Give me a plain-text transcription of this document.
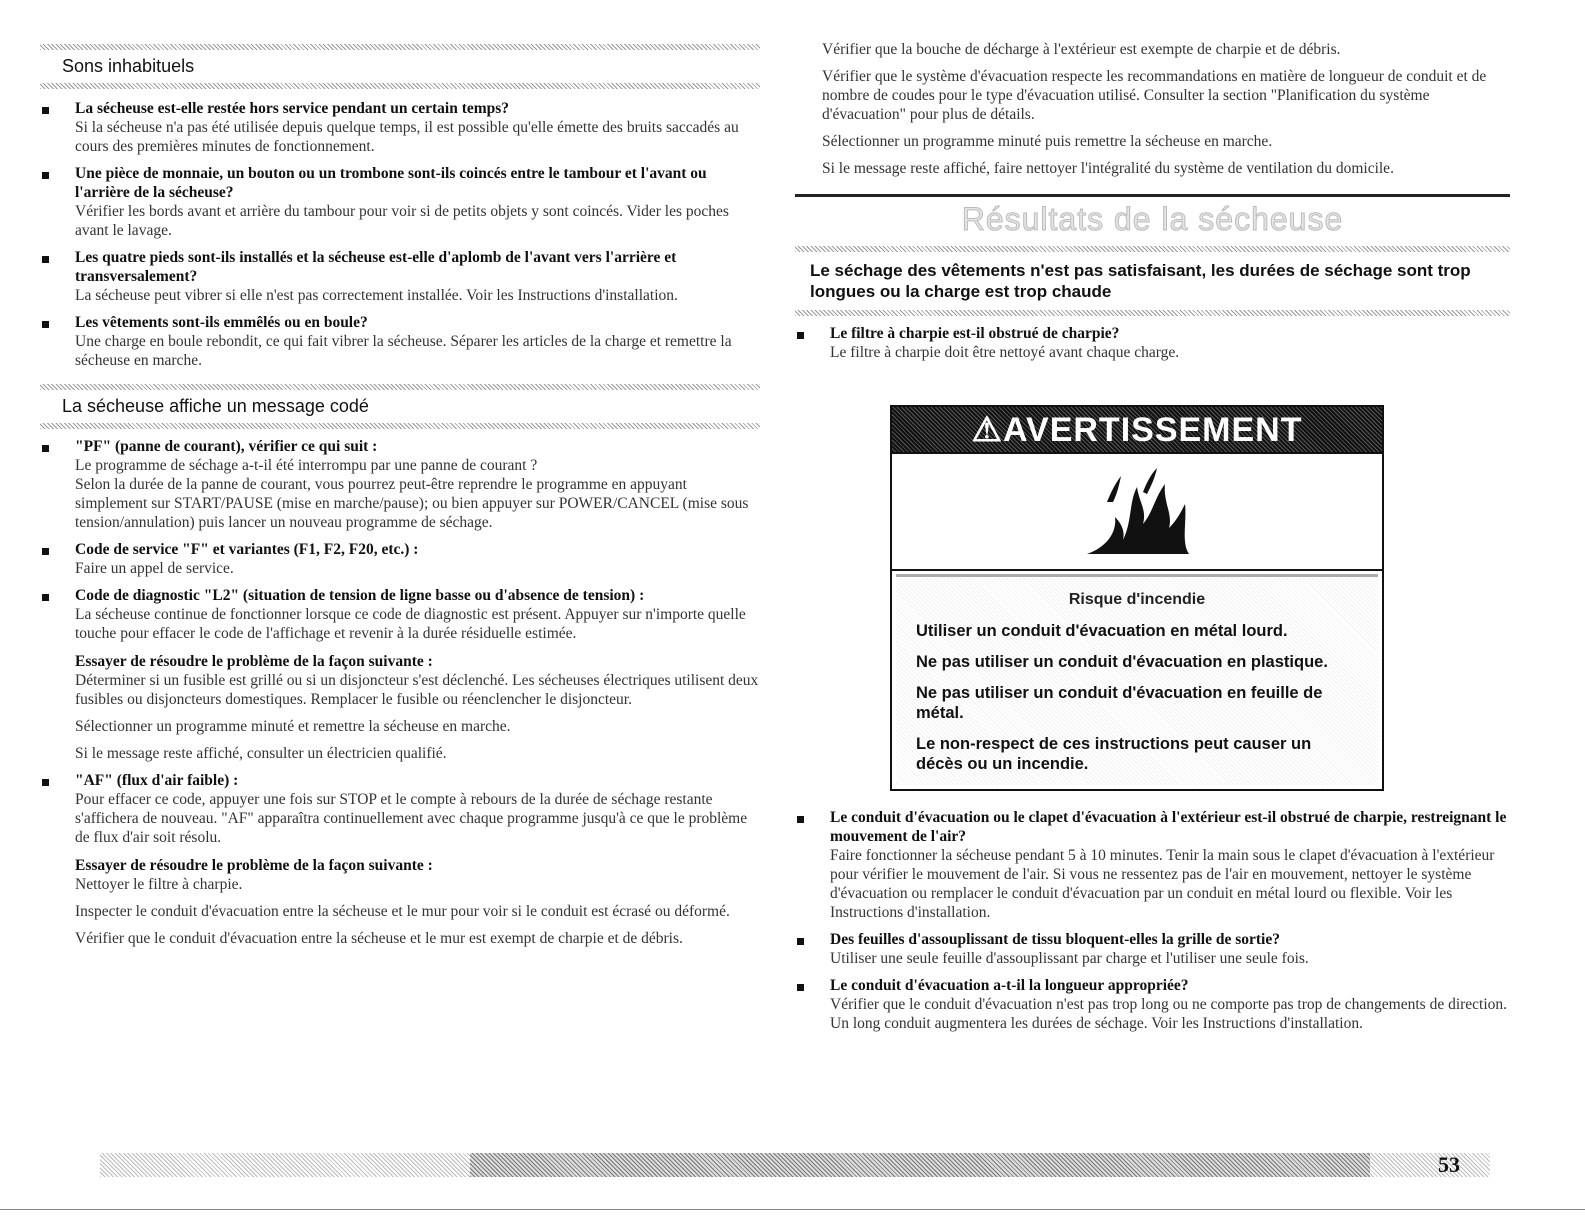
Sons inhabituels
La sécheuse est-elle restée hors service pendant un certain temps?
Si la sécheuse n'a pas été utilisée depuis quelque temps, il est possible qu'elle émette des bruits saccadés au cours des premières minutes de fonctionnement.
Une pièce de monnaie, un bouton ou un trombone sont-ils coincés entre le tambour et l'avant ou l'arrière de la sécheuse?
Vérifier les bords avant et arrière du tambour pour voir si de petits objets y sont coincés. Vider les poches avant le lavage.
Les quatre pieds sont-ils installés et la sécheuse est-elle d'aplomb de l'avant vers l'arrière et transversalement?
La sécheuse peut vibrer si elle n'est pas correctement installée. Voir les Instructions d'installation.
Les vêtements sont-ils emmêlés ou en boule?
Une charge en boule rebondit, ce qui fait vibrer la sécheuse. Séparer les articles de la charge et remettre la sécheuse en marche.
La sécheuse affiche un message codé
"PF" (panne de courant), vérifier ce qui suit :
Le programme de séchage a-t-il été interrompu par une panne de courant ?
Selon la durée de la panne de courant, vous pourrez peut-être reprendre le programme en appuyant simplement sur START/PAUSE (mise en marche/pause); ou bien appuyer sur POWER/CANCEL (mise sous tension/annulation) puis lancer un nouveau programme de séchage.
Code de service "F" et variantes (F1, F2, F20, etc.) :
Faire un appel de service.
Code de diagnostic "L2" (situation de tension de ligne basse ou d'absence de tension) :
La sécheuse continue de fonctionner lorsque ce code de diagnostic est présent. Appuyer sur n'importe quelle touche pour effacer le code de l'affichage et revenir à la durée résiduelle estimée.
Essayer de résoudre le problème de la façon suivante :
Déterminer si un fusible est grillé ou si un disjoncteur s'est déclenché. Les sécheuses électriques utilisent deux fusibles ou disjoncteurs domestiques. Remplacer le fusible ou réenclencher le disjoncteur.
Sélectionner un programme minuté et remettre la sécheuse en marche.
Si le message reste affiché, consulter un électricien qualifié.
"AF" (flux d'air faible) :
Pour effacer ce code, appuyer une fois sur STOP et le compte à rebours de la durée de séchage restante s'affichera de nouveau. "AF" apparaîtra continuellement avec chaque programme jusqu'à ce que le problème de flux d'air soit résolu.
Essayer de résoudre le problème de la façon suivante :
Nettoyer le filtre à charpie.
Inspecter le conduit d'évacuation entre la sécheuse et le mur pour voir si le conduit est écrasé ou déformé.
Vérifier que le conduit d'évacuation entre la sécheuse et le mur est exempt de charpie et de débris.
Vérifier que la bouche de décharge à l'extérieur est exempte de charpie et de débris.
Vérifier que le système d'évacuation respecte les recommandations en matière de longueur de conduit et de nombre de coudes pour le type d'évacuation utilisé. Consulter la section "Planification du système d'évacuation" pour plus de détails.
Sélectionner un programme minuté puis remettre la sécheuse en marche.
Si le message reste affiché, faire nettoyer l'intégralité du système de ventilation du domicile.
Résultats de la sécheuse
Le séchage des vêtements n'est pas satisfaisant, les durées de séchage sont trop longues ou la charge est trop chaude
Le filtre à charpie est-il obstrué de charpie?
Le filtre à charpie doit être nettoyé avant chaque charge.
⚠AVERTISSEMENT
Risque d'incendie
Utiliser un conduit d'évacuation en métal lourd.
Ne pas utiliser un conduit d'évacuation en plastique.
Ne pas utiliser un conduit d'évacuation en feuille de métal.
Le non-respect de ces instructions peut causer un décès ou un incendie.
Le conduit d'évacuation ou le clapet d'évacuation à l'extérieur est-il obstrué de charpie, restreignant le mouvement de l'air?
Faire fonctionner la sécheuse pendant 5 à 10 minutes. Tenir la main sous le clapet d'évacuation à l'extérieur pour vérifier le mouvement de l'air. Si vous ne ressentez pas de l'air en mouvement, nettoyer le système d'évacuation ou remplacer le conduit d'évacuation par un conduit en métal lourd ou flexible. Voir les Instructions d'installation.
Des feuilles d'assouplissant de tissu bloquent-elles la grille de sortie?
Utiliser une seule feuille d'assouplissant par charge et l'utiliser une seule fois.
Le conduit d'évacuation a-t-il la longueur appropriée?
Vérifier que le conduit d'évacuation n'est pas trop long ou ne comporte pas trop de changements de direction. Un long conduit augmentera les durées de séchage. Voir les Instructions d'installation.
53
